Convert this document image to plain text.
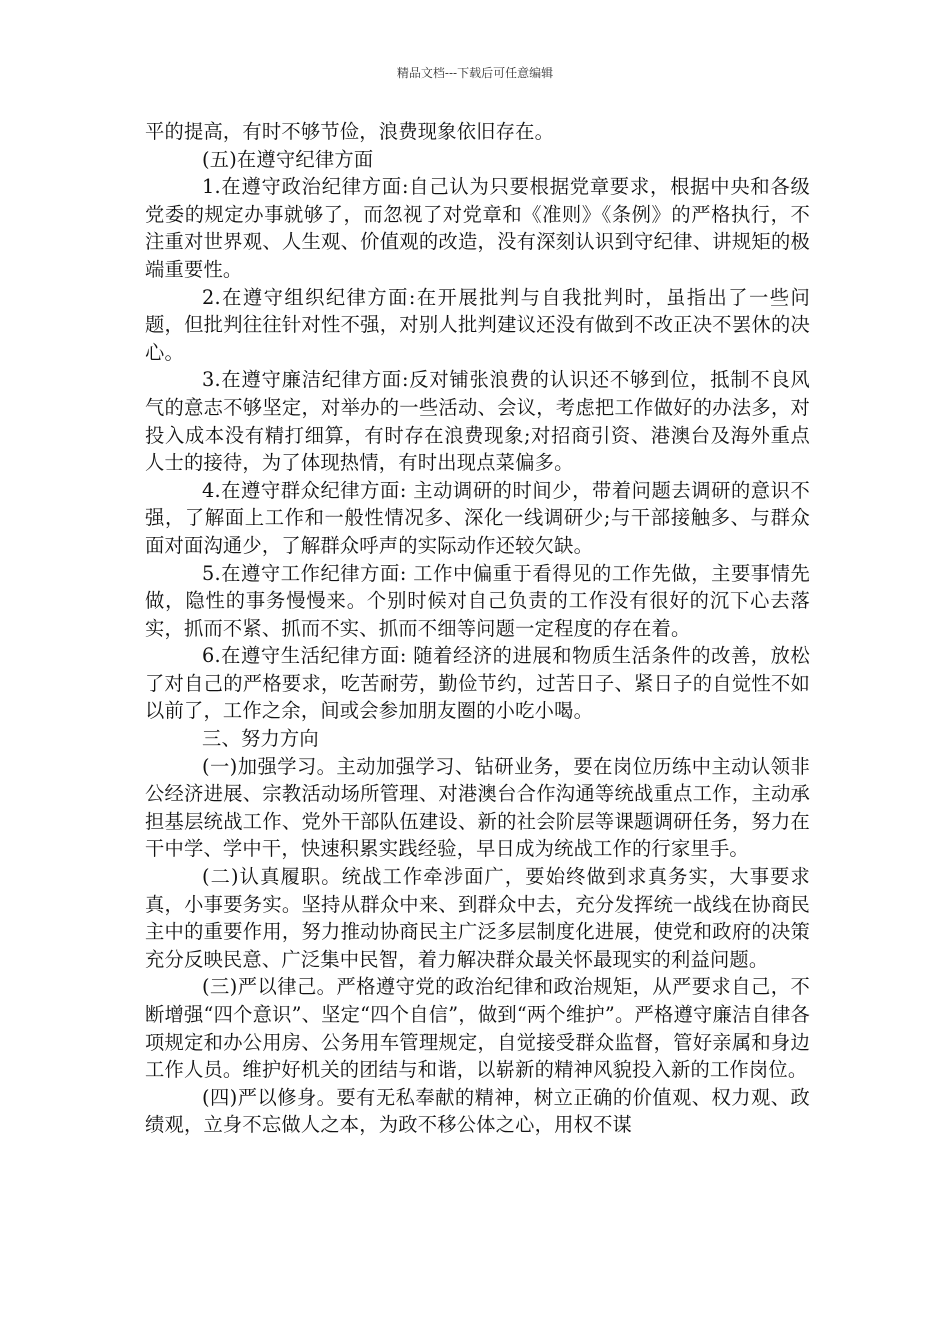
精品文档---下载后可任意编辑

平的提高，有时不够节俭，浪费现象依旧存在。

(五)在遵守纪律方面

1.在遵守政治纪律方面:自己认为只要根据党章要求，根据中央和各级党委的规定办事就够了，而忽视了对党章和《准则》《条例》的严格执行，不注重对世界观、人生观、价值观的改造，没有深刻认识到守纪律、讲规矩的极端重要性。

2.在遵守组织纪律方面:在开展批判与自我批判时，虽指出了一些问题，但批判往往针对性不强，对别人批判建议还没有做到不改正决不罢休的决心。

3.在遵守廉洁纪律方面:反对铺张浪费的认识还不够到位，抵制不良风气的意志不够坚定，对举办的一些活动、会议，考虑把工作做好的办法多，对投入成本没有精打细算，有时存在浪费现象;对招商引资、港澳台及海外重点人士的接待，为了体现热情，有时出现点菜偏多。

4.在遵守群众纪律方面: 主动调研的时间少，带着问题去调研的意识不强，了解面上工作和一般性情况多、深化一线调研少;与干部接触多、与群众面对面沟通少，了解群众呼声的实际动作还较欠缺。

5.在遵守工作纪律方面: 工作中偏重于看得见的工作先做，主要事情先做，隐性的事务慢慢来。个别时候对自己负责的工作没有很好的沉下心去落实，抓而不紧、抓而不实、抓而不细等问题一定程度的存在着。

6.在遵守生活纪律方面: 随着经济的进展和物质生活条件的改善，放松了对自己的严格要求，吃苦耐劳，勤俭节约，过苦日子、紧日子的自觉性不如以前了，工作之余，间或会参加朋友圈的小吃小喝。

三、努力方向

(一)加强学习。主动加强学习、钻研业务，要在岗位历练中主动认领非公经济进展、宗教活动场所管理、对港澳台合作沟通等统战重点工作，主动承担基层统战工作、党外干部队伍建设、新的社会阶层等课题调研任务，努力在干中学、学中干，快速积累实践经验，早日成为统战工作的行家里手。

(二)认真履职。统战工作牵涉面广，要始终做到求真务实，大事要求真，小事要务实。坚持从群众中来、到群众中去，充分发挥统一战线在协商民主中的重要作用，努力推动协商民主广泛多层制度化进展，使党和政府的决策充分反映民意、广泛集中民智，着力解决群众最关怀最现实的利益问题。

(三)严以律己。严格遵守党的政治纪律和政治规矩，从严要求自己，不断增强“四个意识”、坚定“四个自信”，做到“两个维护”。严格遵守廉洁自律各项规定和办公用房、公务用车管理规定，自觉接受群众监督，管好亲属和身边工作人员。维护好机关的团结与和谐，以崭新的精神风貌投入新的工作岗位。

(四)严以修身。要有无私奉献的精神，树立正确的价值观、权力观、政绩观，立身不忘做人之本，为政不移公体之心，用权不谋
